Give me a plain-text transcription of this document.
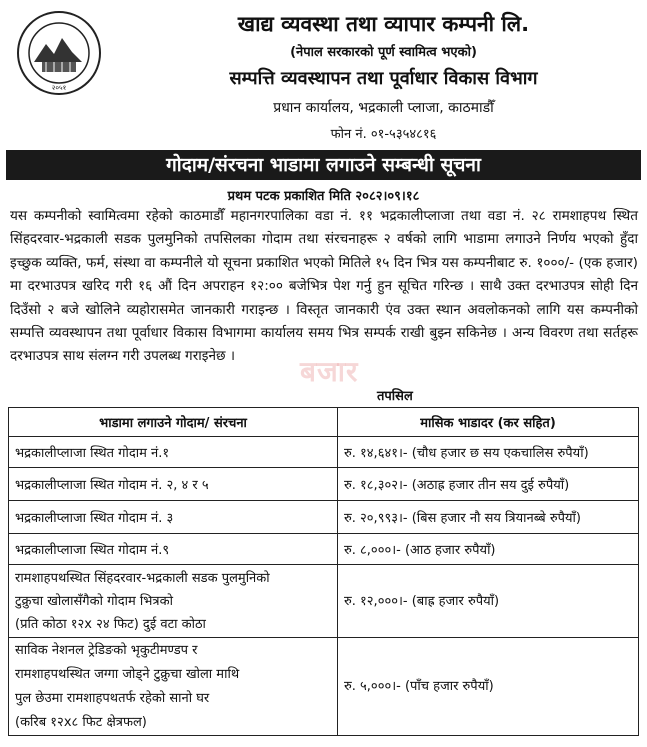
२०५१
खाद्य व्यवस्था तथा व्यापार कम्पनी लि.
(नेपाल सरकारको पूर्ण स्वामित्व भएको)
सम्पत्ति व्यवस्थापन तथा पूर्वाधार विकास विभाग
प्रधान कार्यालय, भद्रकाली प्लाजा, काठमाडौँ
फोन नं. ०१-५३५४८१६
गोदाम/संरचना भाडामा लगाउने सम्बन्धी सूचना
प्रथम पटक प्रकाशित मिति २०८२।०९।१८
यस कम्पनीको स्वामित्वमा रहेको काठमाडौँ महानगरपालिका वडा नं. ११ भद्रकालीप्लाजा तथा वडा नं. २८ रामशाहपथ स्थित सिंहदरवार-भद्रकाली सडक पुलमुनिको तपसिलका गोदाम तथा संरचनाहरू २ वर्षको लागि भाडामा लगाउने निर्णय भएको हुँदा इच्छुक व्यक्ति, फर्म, संस्था वा कम्पनीले यो सूचना प्रकाशित भएको मितिले १५ दिन भित्र यस कम्पनीबाट रु. १०००/- (एक हजार) मा दरभाउपत्र खरिद गरी १६ औं दिन अपराहन १२:०० बजेभित्र पेश गर्नु हुन सूचित गरिन्छ । साथै उक्त दरभाउपत्र सोही दिन दिउँसो २ बजे खोलिने व्यहोरासमेत जानकारी गराइन्छ । विस्तृत जानकारी एंव उक्त स्थान अवलोकनको लागि यस कम्पनीको सम्पत्ति व्यवस्थापन तथा पूर्वाधार विकास विभागमा कार्यालय समय भित्र सम्पर्क राखी बुझ्न सकिनेछ । अन्य विवरण तथा सर्तहरू दरभाउपत्र साथ संलग्न गरी उपलब्ध गराइनेछ ।	बजार
तपसिल
भाडामा लगाउने गोदाम/ संरचना	मासिक भाडादर (कर सहित)
भद्रकालीप्लाजा स्थित गोदाम नं.१	रु. १४,६४१।- (चौध हजार छ सय एकचालिस रुपैयाँ)
भद्रकालीप्लाजा स्थित गोदाम नं. २, ४ र ५	रु. १८,३०२।- (अठाह्र हजार तीन सय दुई रुपैयाँ)
भद्रकालीप्लाजा स्थित गोदाम नं. ३	रु. २०,९९३।- (बिस हजार नौ सय त्रियानब्बे रुपैयाँ)
भद्रकालीप्लाजा स्थित गोदाम नं.९	रु. ८,०००।- (आठ हजार रुपैयाँ)

रामशाहपथस्थित सिंहदरवार-भद्रकाली सडक पुलमुनिको
टुक्रुचा खोलासँगैको गोदाम भित्रको
(प्रति कोठा १२x २४ फिट) दुई वटा कोठा	रु. १२,०००।- (बाह्र हजार रुपैयाँ)

साविक नेशनल ट्रेडिङको भृकुटीमण्डप र
रामशाहपथस्थित जग्गा जोड्ने टुक्रुचा खोला माथि
पुल छेउमा रामशाहपथतर्फ रहेको सानो घर
(करिब १२x८ फिट क्षेत्रफल)	रु. ५,०००।- (पाँच हजार रुपैयाँ)
